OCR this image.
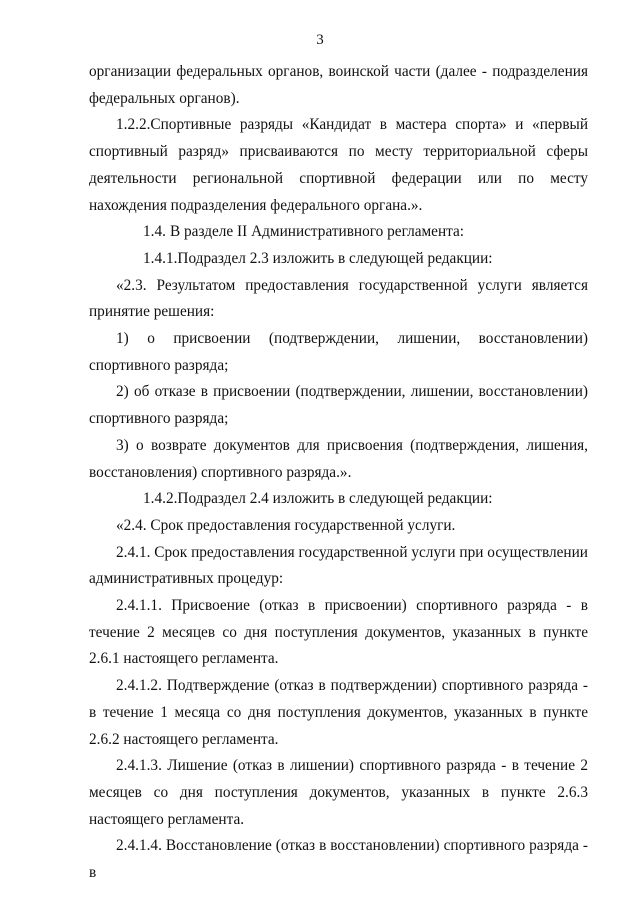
3

организации федеральных органов, воинской части (далее - подразделения федеральных органов).

1.2.2.Спортивные разряды «Кандидат в мастера спорта» и «первый спортивный разряд» присваиваются по месту территориальной сферы деятельности региональной спортивной федерации или по месту нахождения подразделения федерального органа.».

1.4. В разделе II Административного регламента:

1.4.1.Подраздел 2.3 изложить в следующей редакции:

«2.3. Результатом предоставления государственной услуги является принятие решения:

1) о присвоении (подтверждении, лишении, восстановлении) спортивного разряда;

2) об отказе в присвоении (подтверждении, лишении, восстановлении) спортивного разряда;

3) о возврате документов для присвоения (подтверждения, лишения, восстановления) спортивного разряда.».

1.4.2.Подраздел 2.4 изложить в следующей редакции:

«2.4. Срок предоставления государственной услуги.

2.4.1. Срок предоставления государственной услуги при осуществлении административных процедур:

2.4.1.1. Присвоение (отказ в присвоении) спортивного разряда - в течение 2 месяцев со дня поступления документов, указанных в пункте 2.6.1 настоящего регламента.

2.4.1.2. Подтверждение (отказ в подтверждении) спортивного разряда - в течение 1 месяца со дня поступления документов, указанных в пункте 2.6.2 настоящего регламента.

2.4.1.3. Лишение (отказ в лишении) спортивного разряда - в течение 2 месяцев со дня поступления документов, указанных в пункте 2.6.3 настоящего регламента.

2.4.1.4. Восстановление (отказ в восстановлении) спортивного разряда - в
